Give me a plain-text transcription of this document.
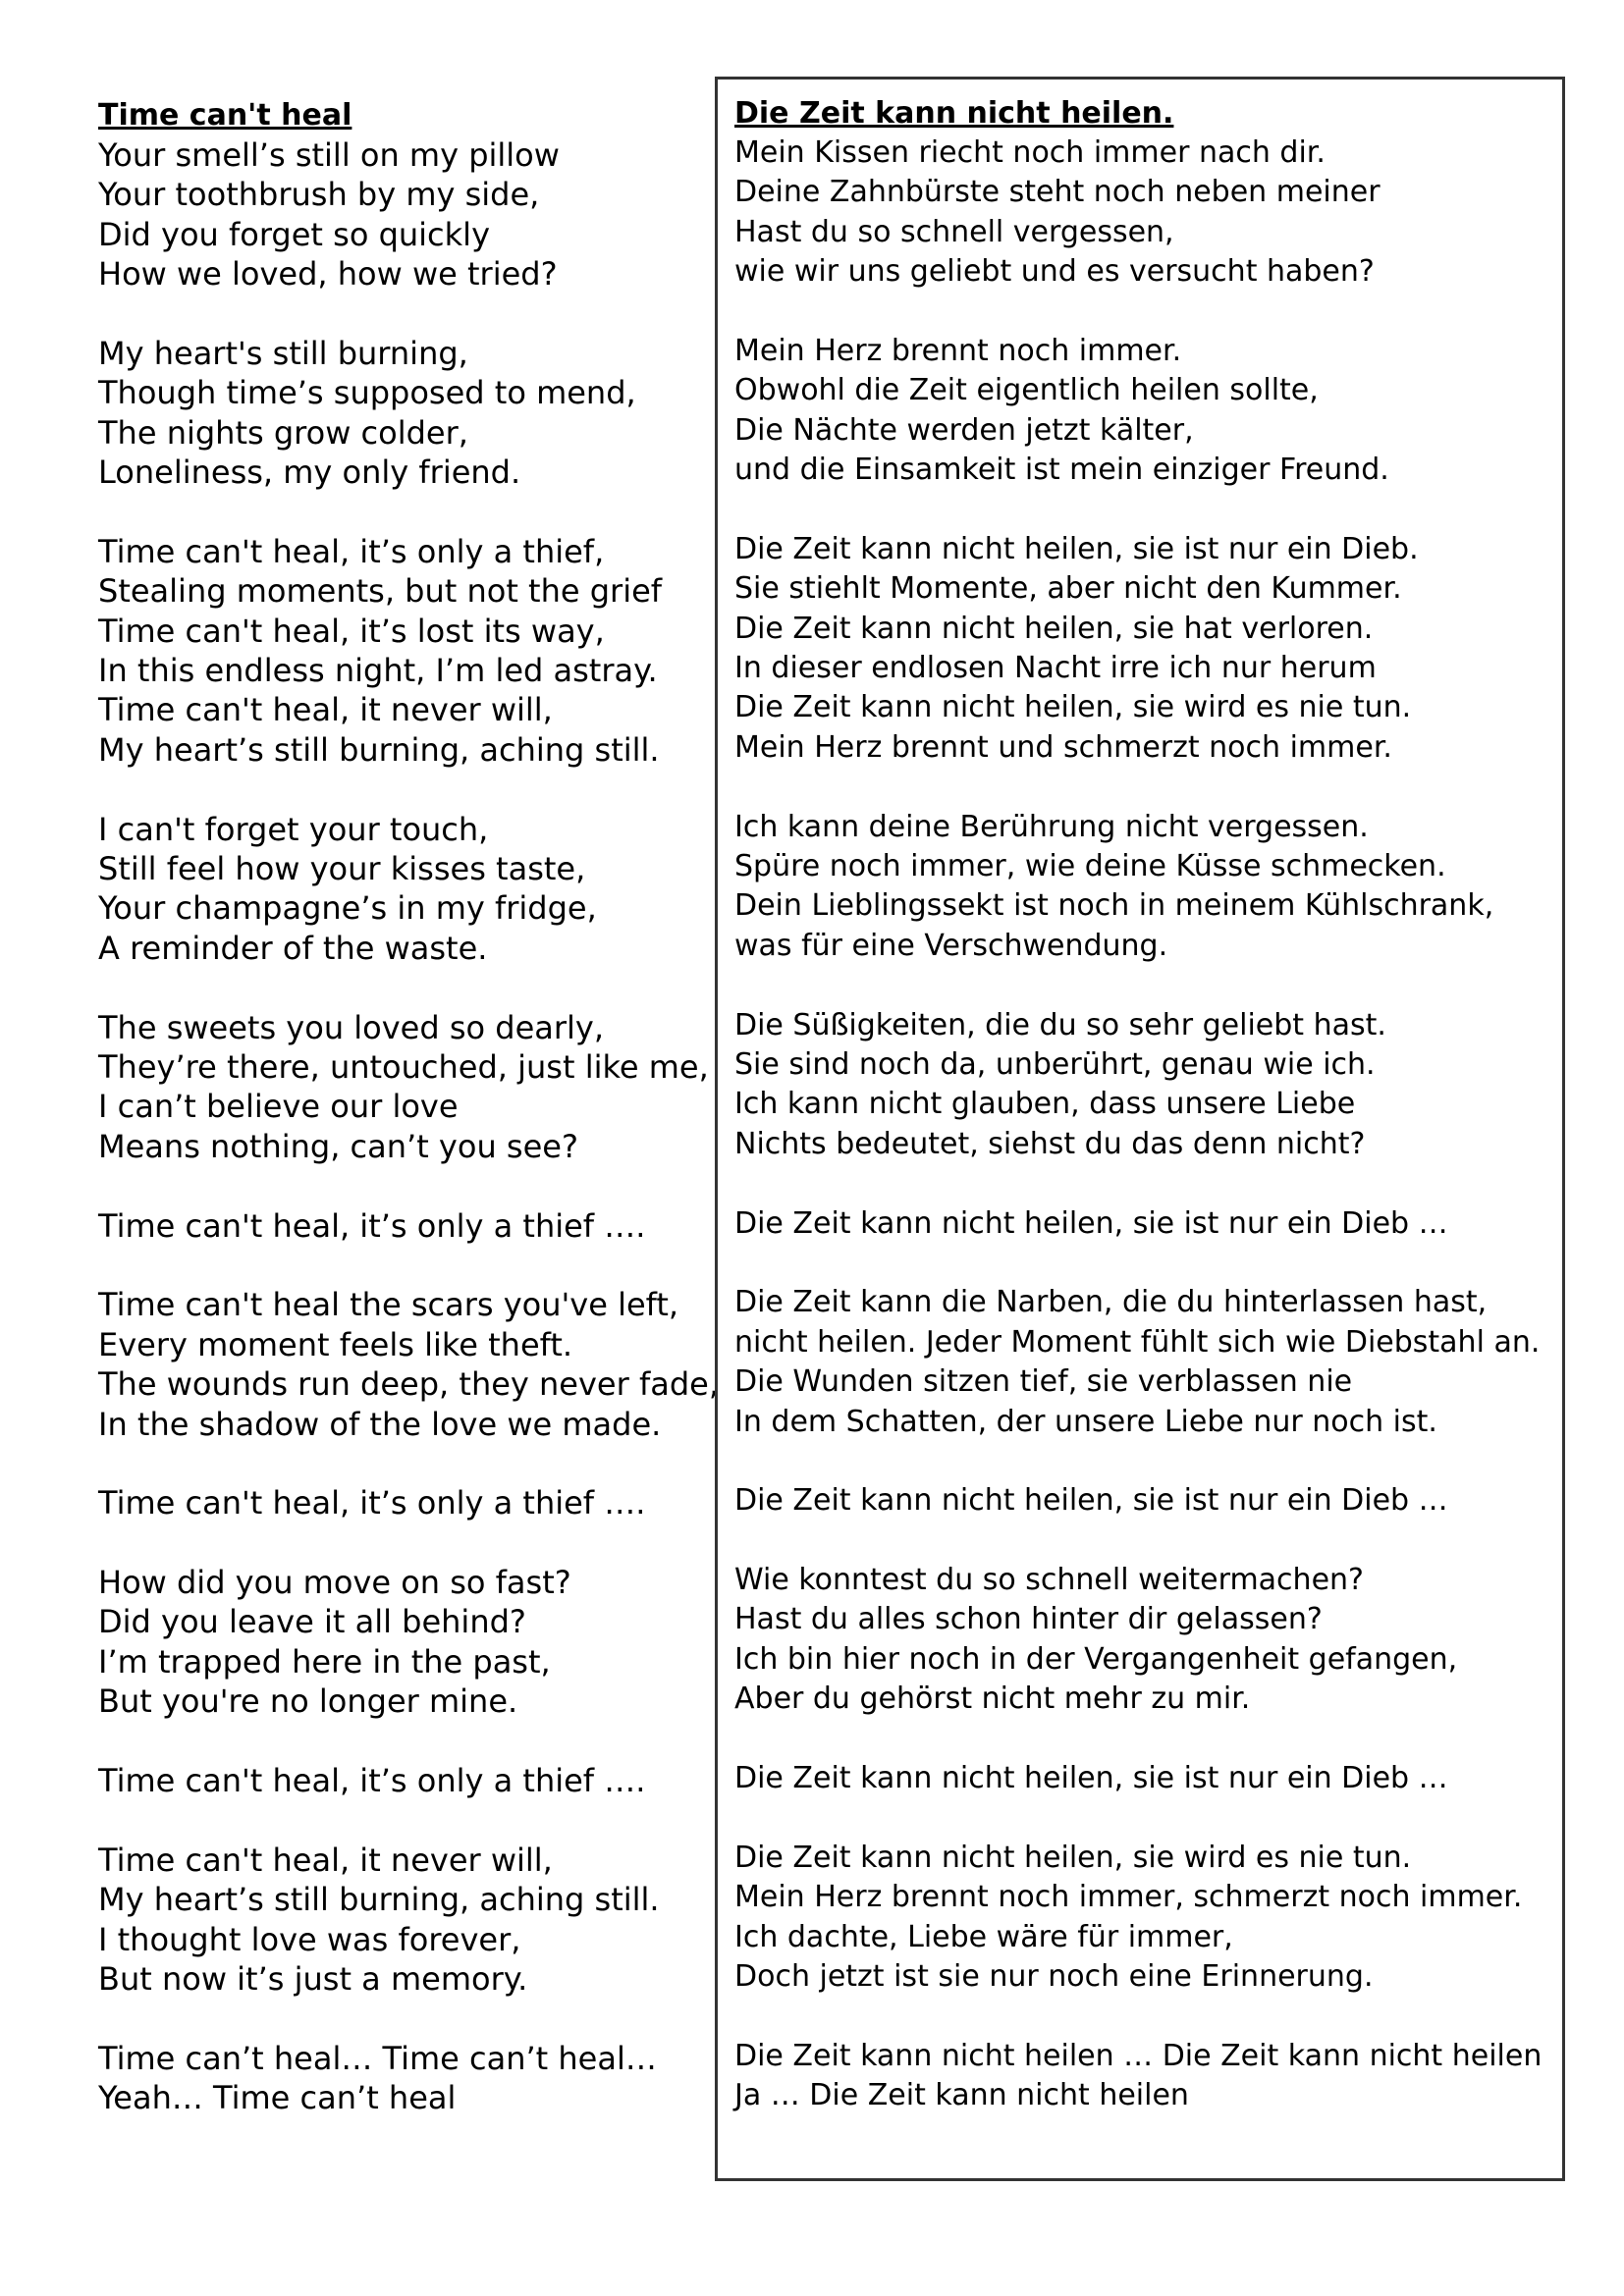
Time can't heal
Your smell’s still on my pillow
Your toothbrush by my side,
Did you forget so quickly
How we loved, how we tried?
My heart's still burning,
Though time’s supposed to mend,
The nights grow colder,
Loneliness, my only friend.
Time can't heal, it’s only a thief,
Stealing moments, but not the grief
Time can't heal, it’s lost its way,
In this endless night, I’m led astray.
Time can't heal, it never will,
My heart’s still burning, aching still.
I can't forget your touch,
Still feel how your kisses taste,
Your champagne’s in my fridge,
A reminder of the waste.
The sweets you loved so dearly,
They’re there, untouched, just like me,
I can’t believe our love
Means nothing, can’t you see?
Time can't heal, it’s only a thief ….
Time can't heal the scars you've left,
Every moment feels like theft.
The wounds run deep, they never fade,
In the shadow of the love we made.
Time can't heal, it’s only a thief ….
How did you move on so fast?
Did you leave it all behind?
I’m trapped here in the past,
But you're no longer mine.
Time can't heal, it’s only a thief ….
Time can't heal, it never will,
My heart’s still burning, aching still.
I thought love was forever,
But now it’s just a memory.
Time can’t heal… Time can’t heal…
Yeah… Time can’t heal
Die Zeit kann nicht heilen.
Mein Kissen riecht noch immer nach dir.
Deine Zahnbürste steht noch neben meiner
Hast du so schnell vergessen,
wie wir uns geliebt und es versucht haben?
Mein Herz brennt noch immer.
Obwohl die Zeit eigentlich heilen sollte,
Die Nächte werden jetzt kälter,
und die Einsamkeit ist mein einziger Freund.
Die Zeit kann nicht heilen, sie ist nur ein Dieb.
Sie stiehlt Momente, aber nicht den Kummer.
Die Zeit kann nicht heilen, sie hat verloren.
In dieser endlosen Nacht irre ich nur herum
Die Zeit kann nicht heilen, sie wird es nie tun.
Mein Herz brennt und schmerzt noch immer.
Ich kann deine Berührung nicht vergessen.
Spüre noch immer, wie deine Küsse schmecken.
Dein Lieblingssekt ist noch in meinem Kühlschrank,
was für eine Verschwendung.
Die Süßigkeiten, die du so sehr geliebt hast.
Sie sind noch da, unberührt, genau wie ich.
Ich kann nicht glauben, dass unsere Liebe
Nichts bedeutet, siehst du das denn nicht?
Die Zeit kann nicht heilen, sie ist nur ein Dieb …
Die Zeit kann die Narben, die du hinterlassen hast,
nicht heilen. Jeder Moment fühlt sich wie Diebstahl an.
Die Wunden sitzen tief, sie verblassen nie
In dem Schatten, der unsere Liebe nur noch ist.
Die Zeit kann nicht heilen, sie ist nur ein Dieb …
Wie konntest du so schnell weitermachen?
Hast du alles schon hinter dir gelassen?
Ich bin hier noch in der Vergangenheit gefangen,
Aber du gehörst nicht mehr zu mir.
Die Zeit kann nicht heilen, sie ist nur ein Dieb …
Die Zeit kann nicht heilen, sie wird es nie tun.
Mein Herz brennt noch immer, schmerzt noch immer.
Ich dachte, Liebe wäre für immer,
Doch jetzt ist sie nur noch eine Erinnerung.
Die Zeit kann nicht heilen … Die Zeit kann nicht heilen
Ja … Die Zeit kann nicht heilen
